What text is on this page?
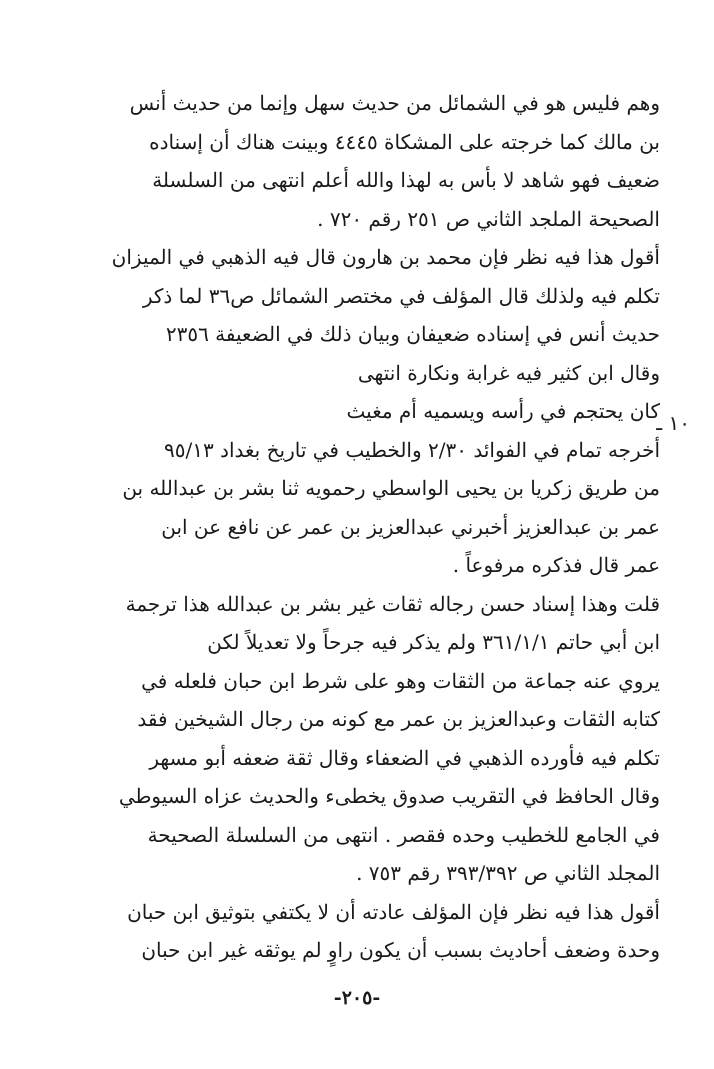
وهم فليس هو في الشمائل من حديث سهل وإنما من حديث أنس
بن مالك كما خرجته على المشكاة ٤٤٤٥ وبينت هناك أن إسناده
ضعيف فهو شاهد لا بأس به لهذا والله أعلم انتهى من السلسلة
الصحيحة الملجد الثاني ص ٢٥١ رقم ٧٢٠ .
أقول هذا فيه نظر فإن محمد بن هارون قال فيه الذهبي في الميزان
تكلم فيه ولذلك قال المؤلف في مختصر الشمائل ص٣٦ لما ذكر
حديث أنس في إسناده ضعيفان وبيان ذلك في الضعيفة ٢٣٥٦
وقال ابن كثير فيه غرابة ونكارة انتهى
كان يحتجم في رأسه ويسميه أم مغيث
أخرجه تمام في الفوائد ٢/٣٠ والخطيب في تاريخ بغداد ٩٥/١٣
من طريق زكريا بن يحيى الواسطي رحمويه ثنا بشر بن عبدالله بن
عمر بن عبدالعزيز أخبرني عبدالعزيز بن عمر عن نافع عن ابن
عمر قال فذكره مرفوعاً .
قلت وهذا إسناد حسن رجاله ثقات غير بشر بن عبدالله هذا ترجمة
ابن أبي حاتم ٣٦١/١/١ ولم يذكر فيه جرحاً ولا تعديلاً لكن
يروي عنه جماعة من الثقات وهو على شرط ابن حبان فلعله في
كتابه الثقات وعبدالعزيز بن عمر مع كونه من رجال الشيخين فقد
تكلم فيه فأورده الذهبي في الضعفاء وقال ثقة ضعفه أبو مسهر
وقال الحافظ في التقريب صدوق يخطىء والحديث عزاه السيوطي
في الجامع للخطيب وحده فقصر . انتهى من السلسلة الصحيحة
المجلد الثاني ص ٣٩٣/٣٩٢ رقم ٧٥٣ .
أقول هذا فيه نظر فإن المؤلف عادته أن لا يكتفي بتوثيق ابن حبان
وحدة وضعف أحاديث بسبب أن يكون راوٍ لم يوثقه غير ابن حبان
١٠ ـ
-٢٠٥-
